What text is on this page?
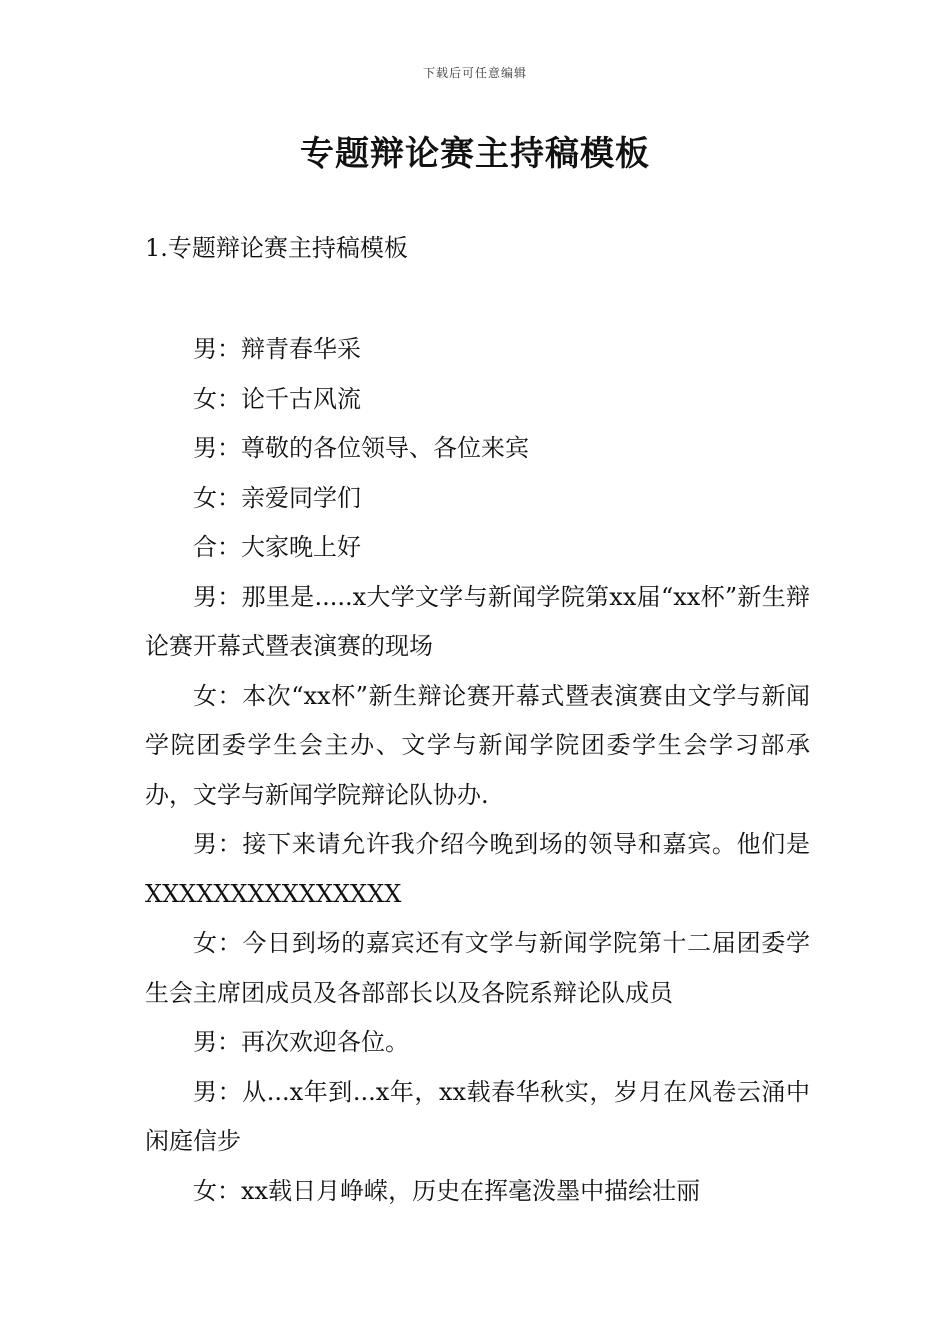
下载后可任意编辑
专题辩论赛主持稿模板
1.专题辩论赛主持稿模板

男：辩青春华采

女：论千古风流

男：尊敬的各位领导、各位来宾

女：亲爱同学们

合：大家晚上好

男：那里是.....x大学文学与新闻学院第xx届“xx杯”新生辩论赛开幕式暨表演赛的现场

女：本次“xx杯”新生辩论赛开幕式暨表演赛由文学与新闻学院团委学生会主办、文学与新闻学院团委学生会学习部承办，文学与新闻学院辩论队协办.

男：接下来请允许我介绍今晚到场的领导和嘉宾。他们是XXXXXXXXXXXXXXX

女：今日到场的嘉宾还有文学与新闻学院第十二届团委学生会主席团成员及各部部长以及各院系辩论队成员

男：再次欢迎各位。

男：从...x年到...x年，xx载春华秋实，岁月在风卷云涌中闲庭信步

女：xx载日月峥嵘，历史在挥毫泼墨中描绘壮丽
